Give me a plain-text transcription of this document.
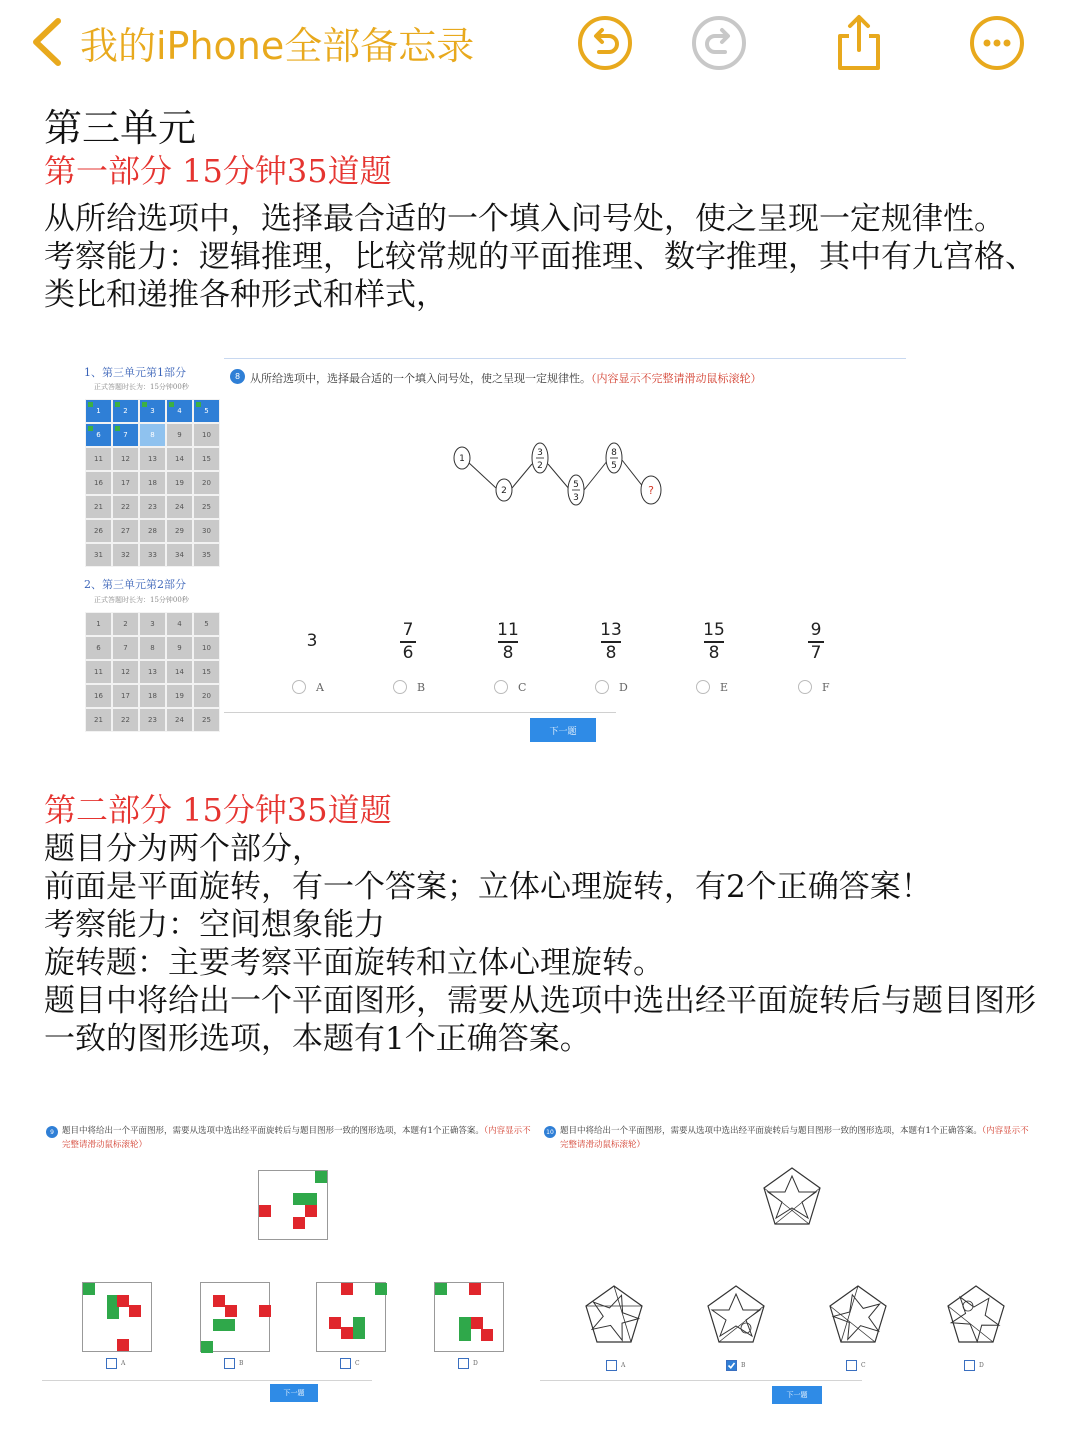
我的iPhone全部备忘录
第三单元
第一部分 15分钟35道题
从所给选项中，选择最合适的一个填入问号处，使之呈现一定规律性。
考察能力：逻辑推理，比较常规的平面推理、数字推理，其中有九宫格、
类比和递推各种形式和样式，
1、第三单元第1部分
正式答题时长为：15分钟00秒
1	2	3	4	5
6	7	8	9	10
11	12	13	14	15
16	17	18	19	20
21	22	23	24	25
26	27	28	29	30
31	32	33	34	35
2、第三单元第2部分
正式答题时长为：15分钟00秒
1	2	3	4	5
6	7	8	9	10
11	12	13	14	15
16	17	18	19	20
21	22	23	24	25
8 从所给选项中，选择最合适的一个填入问号处，使之呈现一定规律性。（内容显示不完整请滑动鼠标滚轮）
1
2
3
2
5
3
8
5
?
3	$\frac{7}{6}$	$\frac{11}{8}$	$\frac{13}{8}$	$\frac{15}{8}$	$\frac{9}{7}$
A	B	C	D	E	F
下一题
第二部分 15分钟35道题
题目分为两个部分，
前面是平面旋转，有一个答案；立体心理旋转，有2个正确答案！
考察能力：空间想象能力
旋转题：主要考察平面旋转和立体心理旋转。
题目中将给出一个平面图形，需要从选项中选出经平面旋转后与题目图形
一致的图形选项，本题有1个正确答案。
9 题目中将给出一个平面图形，需要从选项中选出经平面旋转后与题目图形一致的图形选项，本题有1个正确答案。（内容显示不完整请滑动鼠标滚轮）
A	B	C	D
下一题
10 题目中将给出一个平面图形，需要从选项中选出经平面旋转后与题目图形一致的图形选项，本题有1个正确答案。（内容显示不完整请滑动鼠标滚轮）
A	B	C	D
下一题
